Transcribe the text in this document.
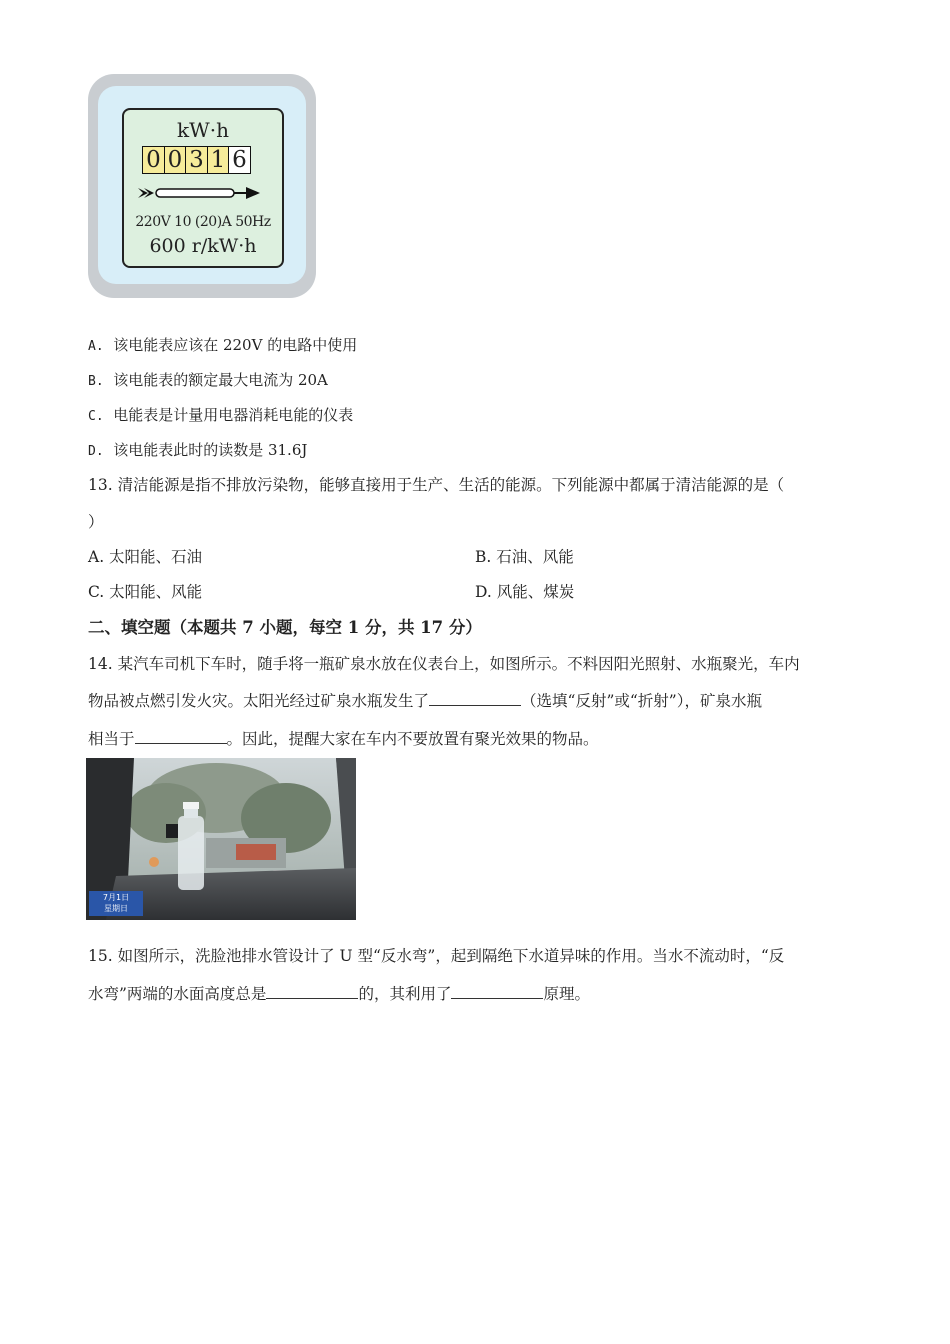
kW·h
0 0 3 1 6
220V 10 (20)A 50Hz
600 r/kW·h
A. 该电能表应该在 220V 的电路中使用
B. 该电能表的额定最大电流为 20A
C. 电能表是计量用电器消耗电能的仪表
D. 该电能表此时的读数是 31.6J
13. 清洁能源是指不排放污染物，能够直接用于生产、生活的能源。下列能源中都属于清洁能源的是（
）
A. 太阳能、石油	B. 石油、风能
C. 太阳能、风能	D. 风能、煤炭
二、填空题（本题共 7 小题，每空 1 分，共 17 分）
14. 某汽车司机下车时，随手将一瓶矿泉水放在仪表台上，如图所示。不料因阳光照射、水瓶聚光，车内
物品被点燃引发火灾。太阳光经过矿泉水瓶发生了	（选填“反射”或“折射”），矿泉水瓶
相当于	。因此，提醒大家在车内不要放置有聚光效果的物品。
7月1日
星期日
15. 如图所示，洗脸池排水管设计了 U 型“反水弯”，起到隔绝下水道异味的作用。当水不流动时，“反
水弯”两端的水面高度总是	的，其利用了	原理。
